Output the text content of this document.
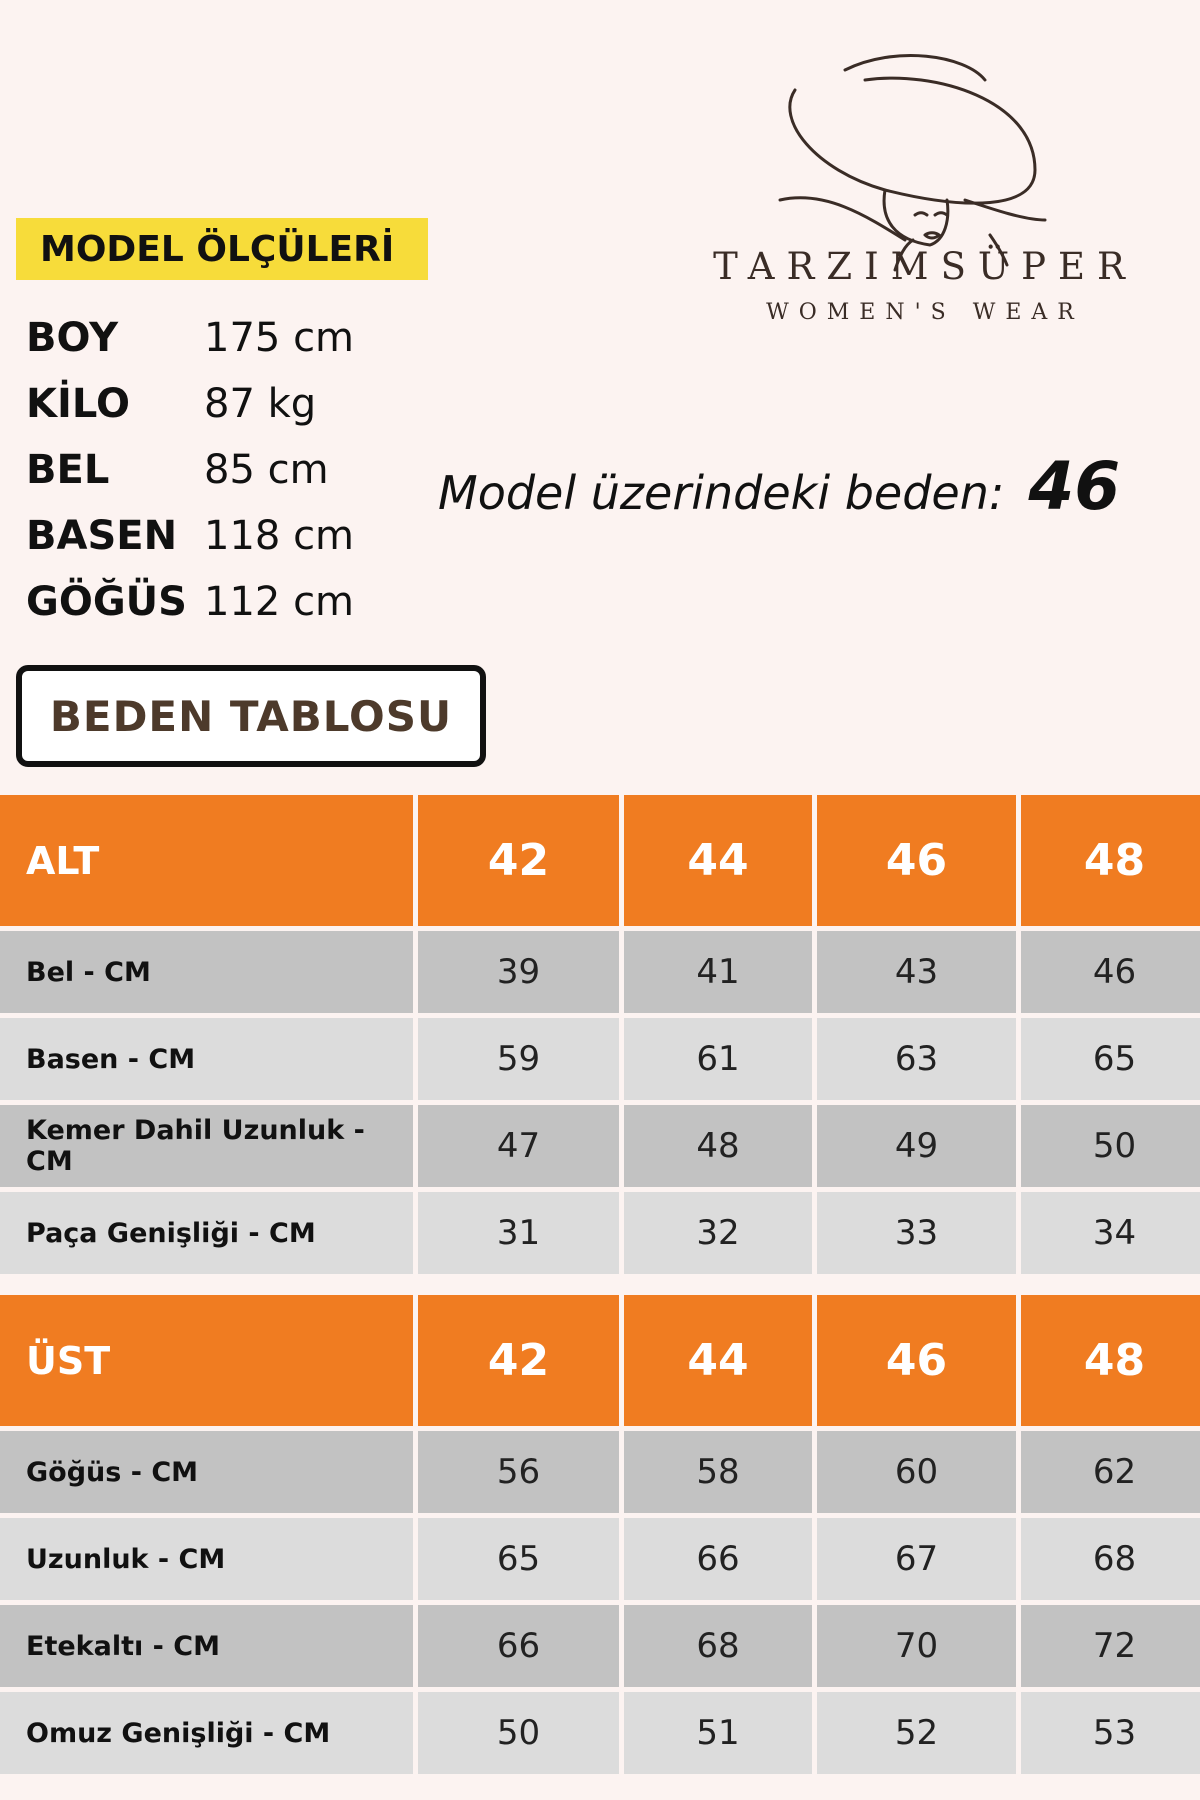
MODEL ÖLÇÜLERİ
BOY	175 cm
KİLO	87 kg
BEL	85 cm
BASEN 118 cm
GÖĞÜS 112 cm
TARZIMSÜPER
WOMEN'S WEAR
Model üzerindeki beden: 46
BEDEN TABLOSU
ALT	42	44	46	48
Bel - CM	39	41	43	46
Basen - CM	59	61	63	65
Kemer Dahil Uzunluk - CM	47	48	49	50
Paça Genişliği - CM	31	32	33	34
ÜST	42	44	46	48
Göğüs - CM	56	58	60	62
Uzunluk - CM	65	66	67	68
Etekaltı - CM	66	68	70	72
Omuz Genişliği - CM	50	51	52	53
